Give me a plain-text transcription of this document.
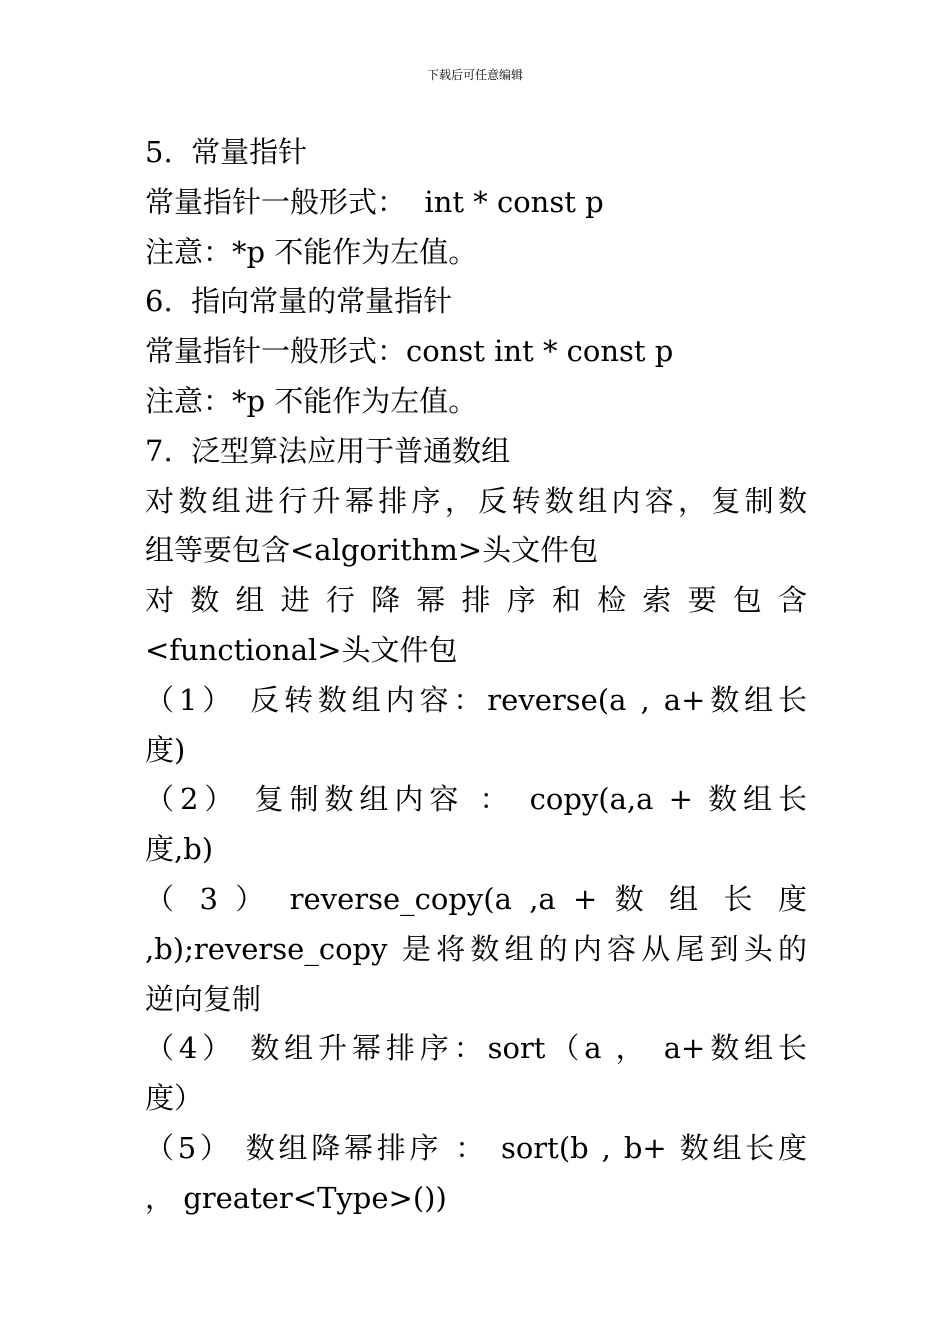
下载后可任意编辑
5.  常量指针
常量指针一般形式：  int * const p
注意：*p 不能作为左值。
6.  指向常量的常量指针
常量指针一般形式：const int * const p
注意：*p 不能作为左值。
7.  泛型算法应用于普通数组
对数组进行升幂排序，反转数组内容，复制数
组等要包含<algorithm>头文件包
对 数 组 进 行 降 幂 排 序 和 检 索 要 包 含
<functional>头文件包
（1） 反转数组内容：reverse(a , a+数组长
度)
（2） 复制数组内容 ： copy(a,a + 数组长
度,b)
（ 3 ） reverse_copy(a ,a + 数 组 长 度
,b);reverse_copy 是将数组的内容从尾到头的
逆向复制
（4） 数组升幂排序：sort（a ， a+数组长
度）
（5） 数组降幂排序 ： sort(b , b+ 数组长度
， greater<Type>())
